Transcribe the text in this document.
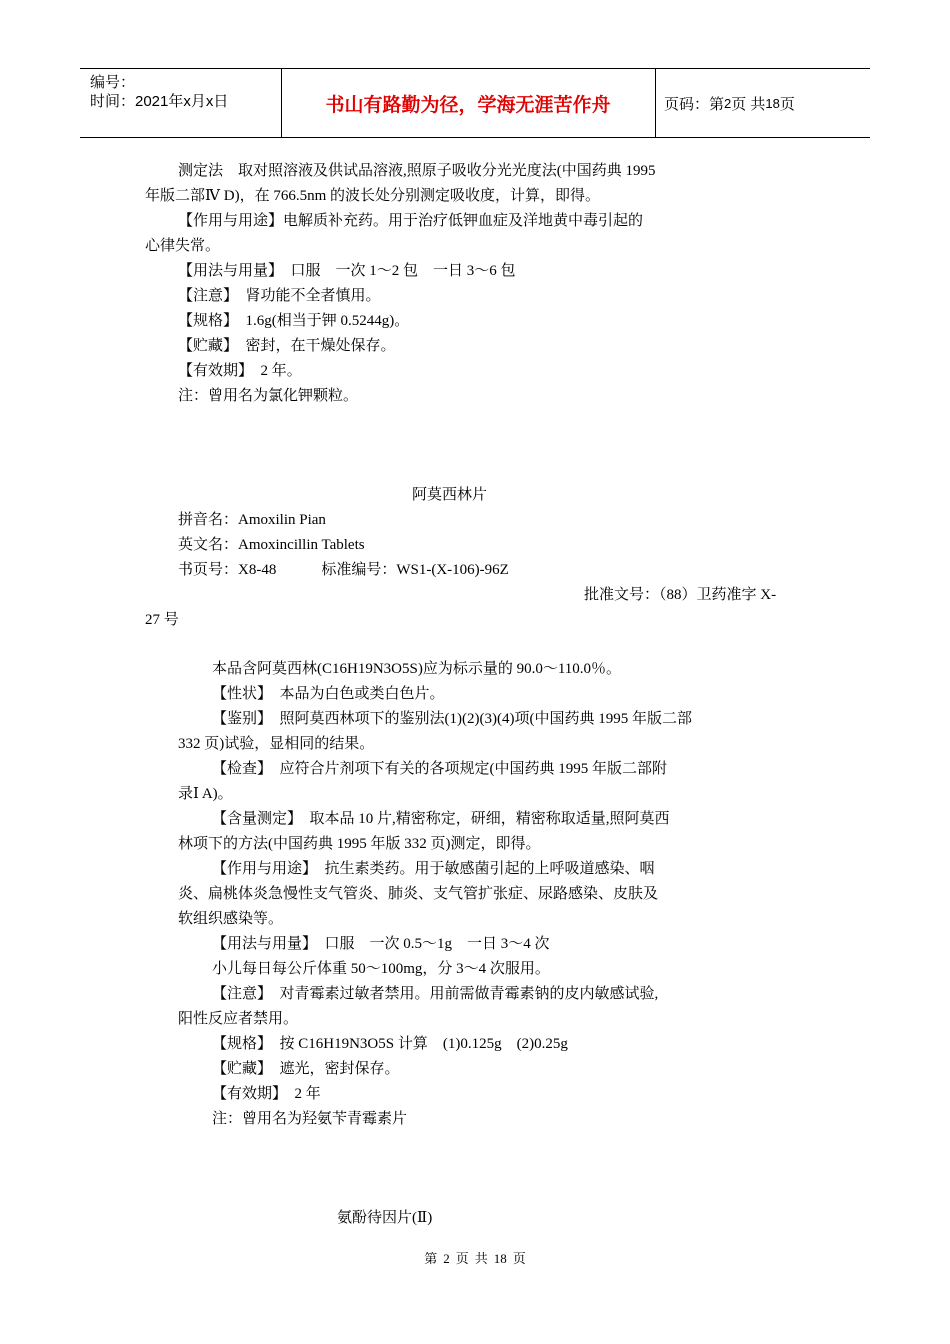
编号：
时间：2021年x月x日	书山有路勤为径，学海无涯苦作舟	页码：第 2 页 共 18 页
测定法　取对照溶液及供试品溶液,照原子吸收分光光度法(中国药典 1995
年版二部Ⅳ D)，在 766.5nm 的波长处分别测定吸收度，计算，即得。
【作用与用途】电解质补充药。用于治疗低钾血症及洋地黄中毒引起的
心律失常。
【用法与用量】　口服　一次 1～2 包　一日 3～6 包
【注意】　肾功能不全者慎用。
【规格】　1.6g(相当于钾 0.5244g)。
【贮藏】　密封，在干燥处保存。
【有效期】　2 年。
注：曾用名为氯化钾颗粒。
阿莫西林片
拼音名：Amoxilin Pian
英文名：Amoxincillin Tablets
书页号：X8-48　　　标准编号：WS1-(X-106)-96Z
批准文号：（88）卫药准字 X-
27 号
本品含阿莫西林(C16H19N3O5S)应为标示量的 90.0～110.0％。
【性状】　本品为白色或类白色片。
【鉴别】　照阿莫西林项下的鉴别法(1)(2)(3)(4)项(中国药典 1995 年版二部
332 页)试验，显相同的结果。
【检查】　应符合片剂项下有关的各项规定(中国药典 1995 年版二部附
录Ⅰ A)。
【含量测定】　取本品 10 片,精密称定，研细，精密称取适量,照阿莫西
林项下的方法(中国药典 1995 年版 332 页)测定，即得。
【作用与用途】　抗生素类药。用于敏感菌引起的上呼吸道感染、咽
炎、扁桃体炎急慢性支气管炎、肺炎、支气管扩张症、尿路感染、皮肤及
软组织感染等。
【用法与用量】　口服　一次 0.5～1g　一日 3～4 次
小儿每日每公斤体重 50～100mg，分 3～4 次服用。
【注意】　对青霉素过敏者禁用。用前需做青霉素钠的皮内敏感试验,
阳性反应者禁用。
【规格】　按 C16H19N3O5S 计算　(1)0.125g　(2)0.25g
【贮藏】　遮光，密封保存。
【有效期】　2 年
注：曾用名为羟氨苄青霉素片
氨酚待因片(Ⅱ)
第 2 页 共 18 页
